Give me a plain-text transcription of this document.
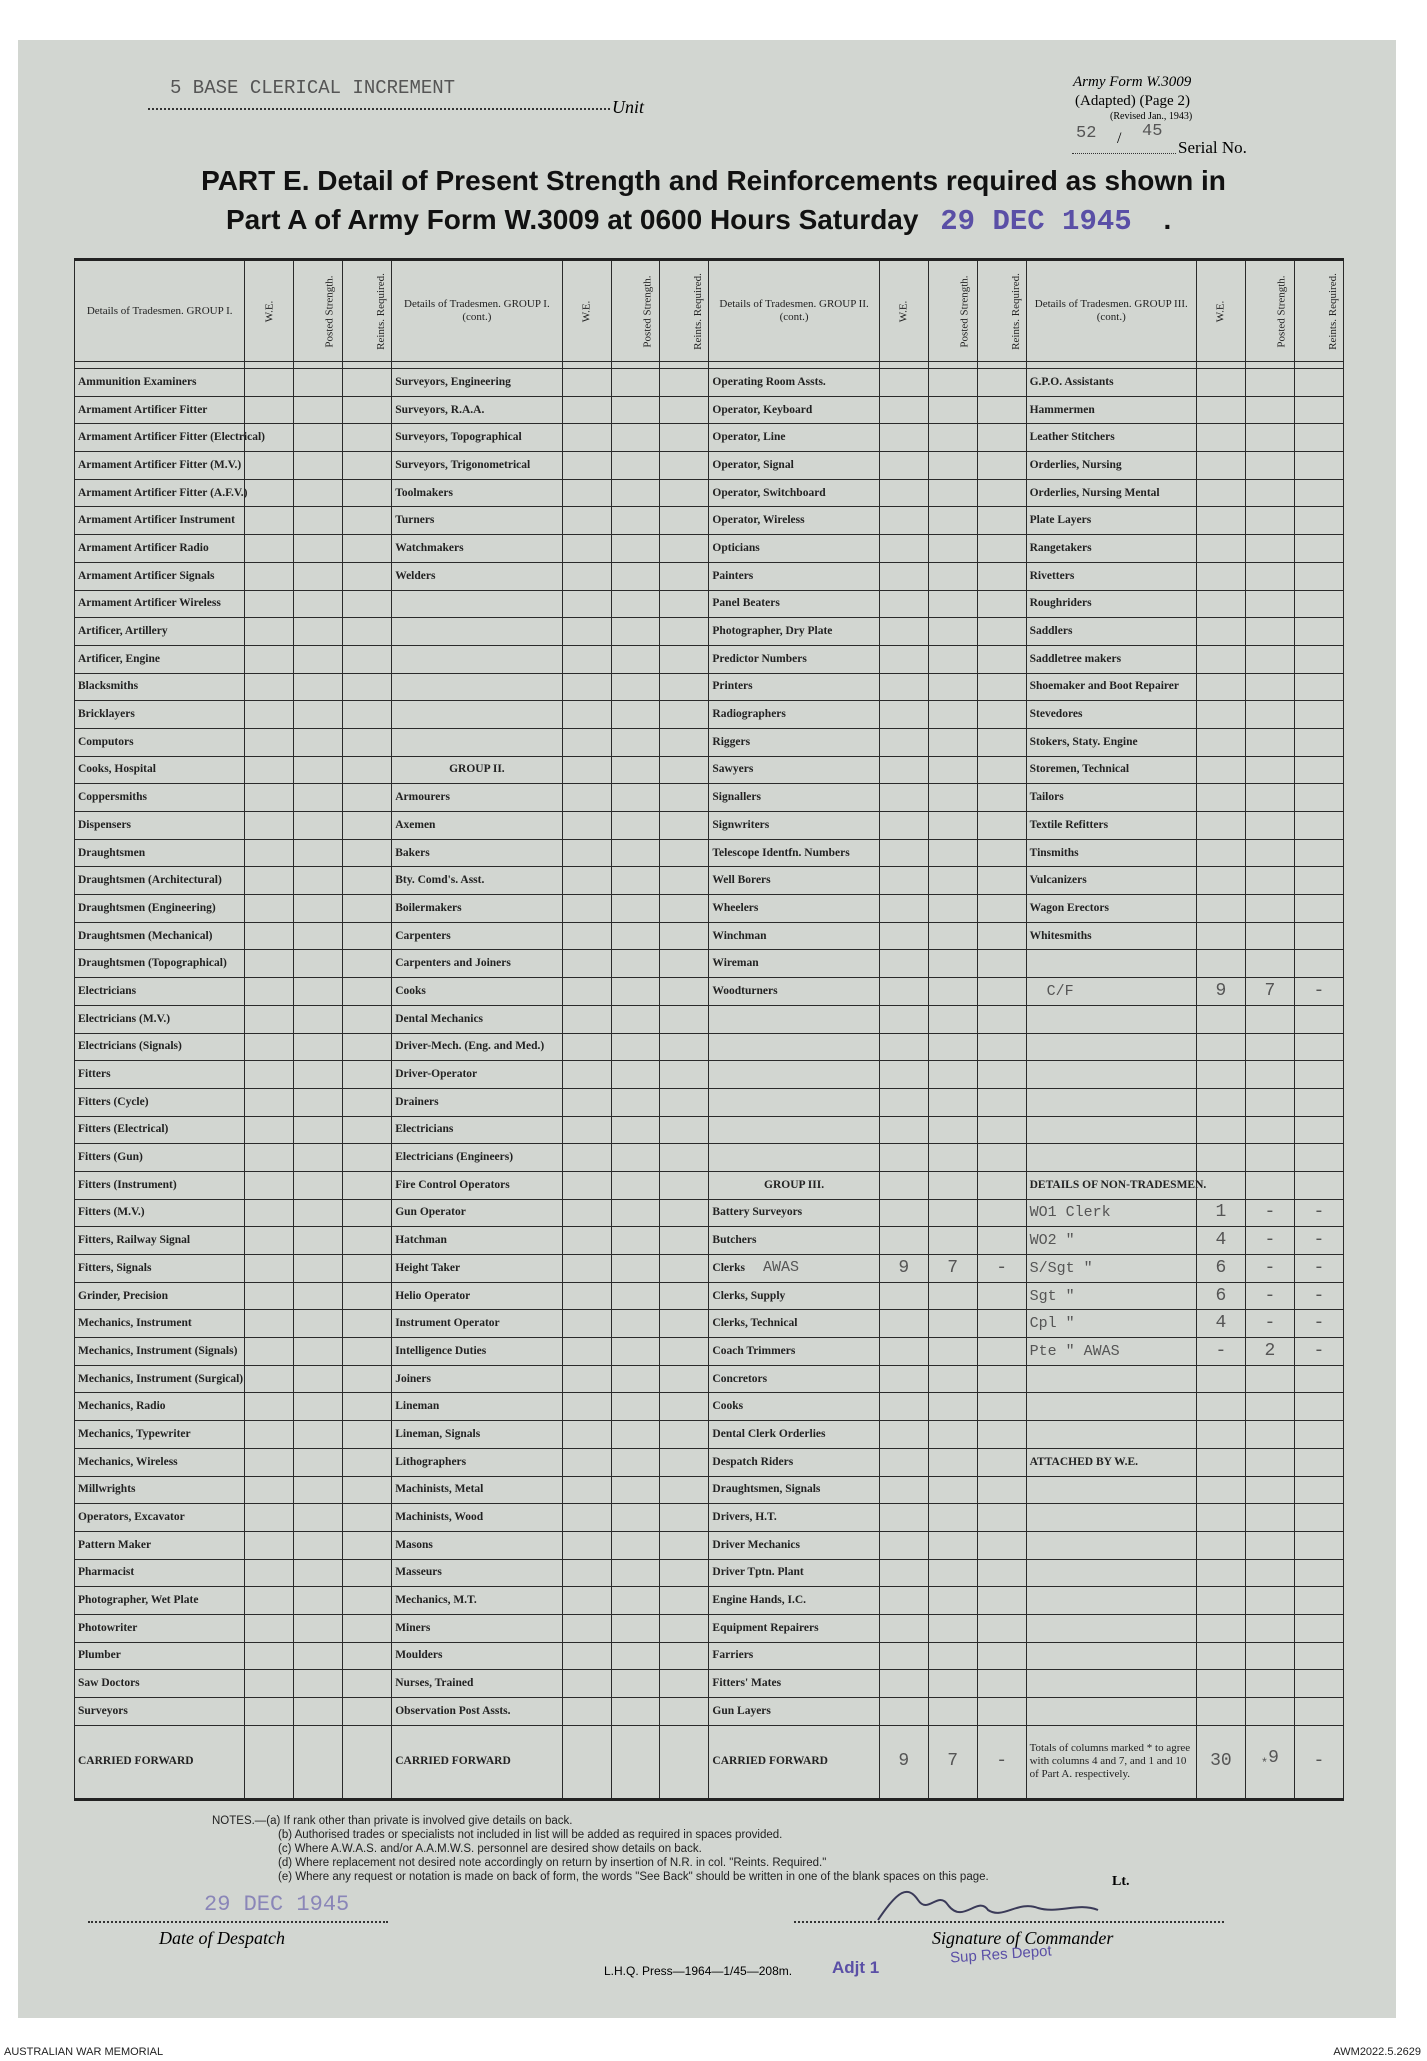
5 BASE CLERICAL INCREMENT
Unit
Army Form W.3009
(Adapted) (Page 2)
(Revised Jan., 1943)
52 / 45
Serial No.
PART E. Detail of Present Strength and Reinforcements required as shown in
Part A of Army Form W.3009 at 0600 Hours Saturday 29 DEC 1945 .
Details of Tradesmen. GROUP I.	W.E.	Posted Strength.	Reints. Required.	Details of Tradesmen. GROUP I. (cont.)	W.E.	Posted Strength.	Reints. Required.	Details of Tradesmen. GROUP II. (cont.)	W.E.	Posted Strength.	Reints. Required.	Details of Tradesmen. GROUP III. (cont.)	W.E.	Posted Strength.	Reints. Required.

Ammunition Examiners				Surveyors, Engineering				Operating Room Assts.				G.P.O. Assistants			
Armament Artificer Fitter				Surveyors, R.A.A.				Operator, Keyboard				Hammermen			
Armament Artificer Fitter (Electrical)				Surveyors, Topographical				Operator, Line				Leather Stitchers			
Armament Artificer Fitter (M.V.)				Surveyors, Trigonometrical				Operator, Signal				Orderlies, Nursing			
Armament Artificer Fitter (A.F.V.)				Toolmakers				Operator, Switchboard				Orderlies, Nursing Mental			
Armament Artificer Instrument				Turners				Operator, Wireless				Plate Layers			
Armament Artificer Radio				Watchmakers				Opticians				Rangetakers			
Armament Artificer Signals				Welders				Painters				Rivetters			
Armament Artificer Wireless								Panel Beaters				Roughriders			
Artificer, Artillery								Photographer, Dry Plate				Saddlers			
Artificer, Engine								Predictor Numbers				Saddletree makers			
Blacksmiths								Printers				Shoemaker and Boot Repairer			
Bricklayers								Radiographers				Stevedores			
Computors								Riggers				Stokers, Staty. Engine			
Cooks, Hospital				GROUP II.				Sawyers				Storemen, Technical			
Coppersmiths				Armourers				Signallers				Tailors			
Dispensers				Axemen				Signwriters				Textile Refitters			
Draughtsmen				Bakers				Telescope Identfn. Numbers				Tinsmiths			
Draughtsmen (Architectural)				Bty. Comd's. Asst.				Well Borers				Vulcanizers			
Draughtsmen (Engineering)				Boilermakers				Wheelers				Wagon Erectors			
Draughtsmen (Mechanical)				Carpenters				Winchman				Whitesmiths			
Draughtsmen (Topographical)				Carpenters and Joiners				Wireman							
Electricians				Cooks				Woodturners				C/F	9	7	-
Electricians (M.V.)				Dental Mechanics											
Electricians (Signals)				Driver-Mech. (Eng. and Med.)											
Fitters				Driver-Operator											
Fitters (Cycle)				Drainers											
Fitters (Electrical)				Electricians											
Fitters (Gun)				Electricians (Engineers)											
Fitters (Instrument)				Fire Control Operators				GROUP III.				DETAILS OF NON-TRADESMEN.			
Fitters (M.V.)				Gun Operator				Battery Surveyors				WO1 Clerk	1	-	-
Fitters, Railway Signal				Hatchman				Butchers				WO2 "	4	-	-
Fitters, Signals				Height Taker				Clerks AWAS	9	7	-	S/Sgt "	6	-	-
Grinder, Precision				Helio Operator				Clerks, Supply				Sgt "	6	-	-
Mechanics, Instrument				Instrument Operator				Clerks, Technical				Cpl "	4	-	-
Mechanics, Instrument (Signals)				Intelligence Duties				Coach Trimmers				Pte " AWAS	-	2	-
Mechanics, Instrument (Surgical)				Joiners				Concretors							
Mechanics, Radio				Lineman				Cooks							
Mechanics, Typewriter				Lineman, Signals				Dental Clerk Orderlies							
Mechanics, Wireless				Lithographers				Despatch Riders				ATTACHED BY W.E.			
Millwrights				Machinists, Metal				Draughtsmen, Signals							
Operators, Excavator				Machinists, Wood				Drivers, H.T.							
Pattern Maker				Masons				Driver Mechanics							
Pharmacist				Masseurs				Driver Tptn. Plant							
Photographer, Wet Plate				Mechanics, M.T.				Engine Hands, I.C.							
Photowriter				Miners				Equipment Repairers							
Plumber				Moulders				Farriers							
Saw Doctors				Nurses, Trained				Fitters' Mates							
Surveyors				Observation Post Assts.				Gun Layers							
CARRIED FORWARD				CARRIED FORWARD				CARRIED FORWARD	9	7	-	Totals of columns marked * to agree with columns 4 and 7, and 1 and 10 of Part A. respectively.	30	$_*$9	-
NOTES.—(a) If rank other than private is involved give details on back.
(b) Authorised trades or specialists not included in list will be added as required in spaces provided.
(c) Where A.W.A.S. and/or A.A.M.W.S. personnel are desired show details on back.
(d) Where replacement not desired note accordingly on return by insertion of N.R. in col. "Reints. Required."
(e) Where any request or notation is made on back of form, the words "See Back" should be written in one of the blank spaces on this page.
29 DEC 1945
Date of Despatch
Lt.
Signature of Commander
Sup Res Depot
L.H.Q. Press—1964—1/45—208m. Adjt 1
AUSTRALIAN WAR MEMORIAL	AWM2022.5.2629
